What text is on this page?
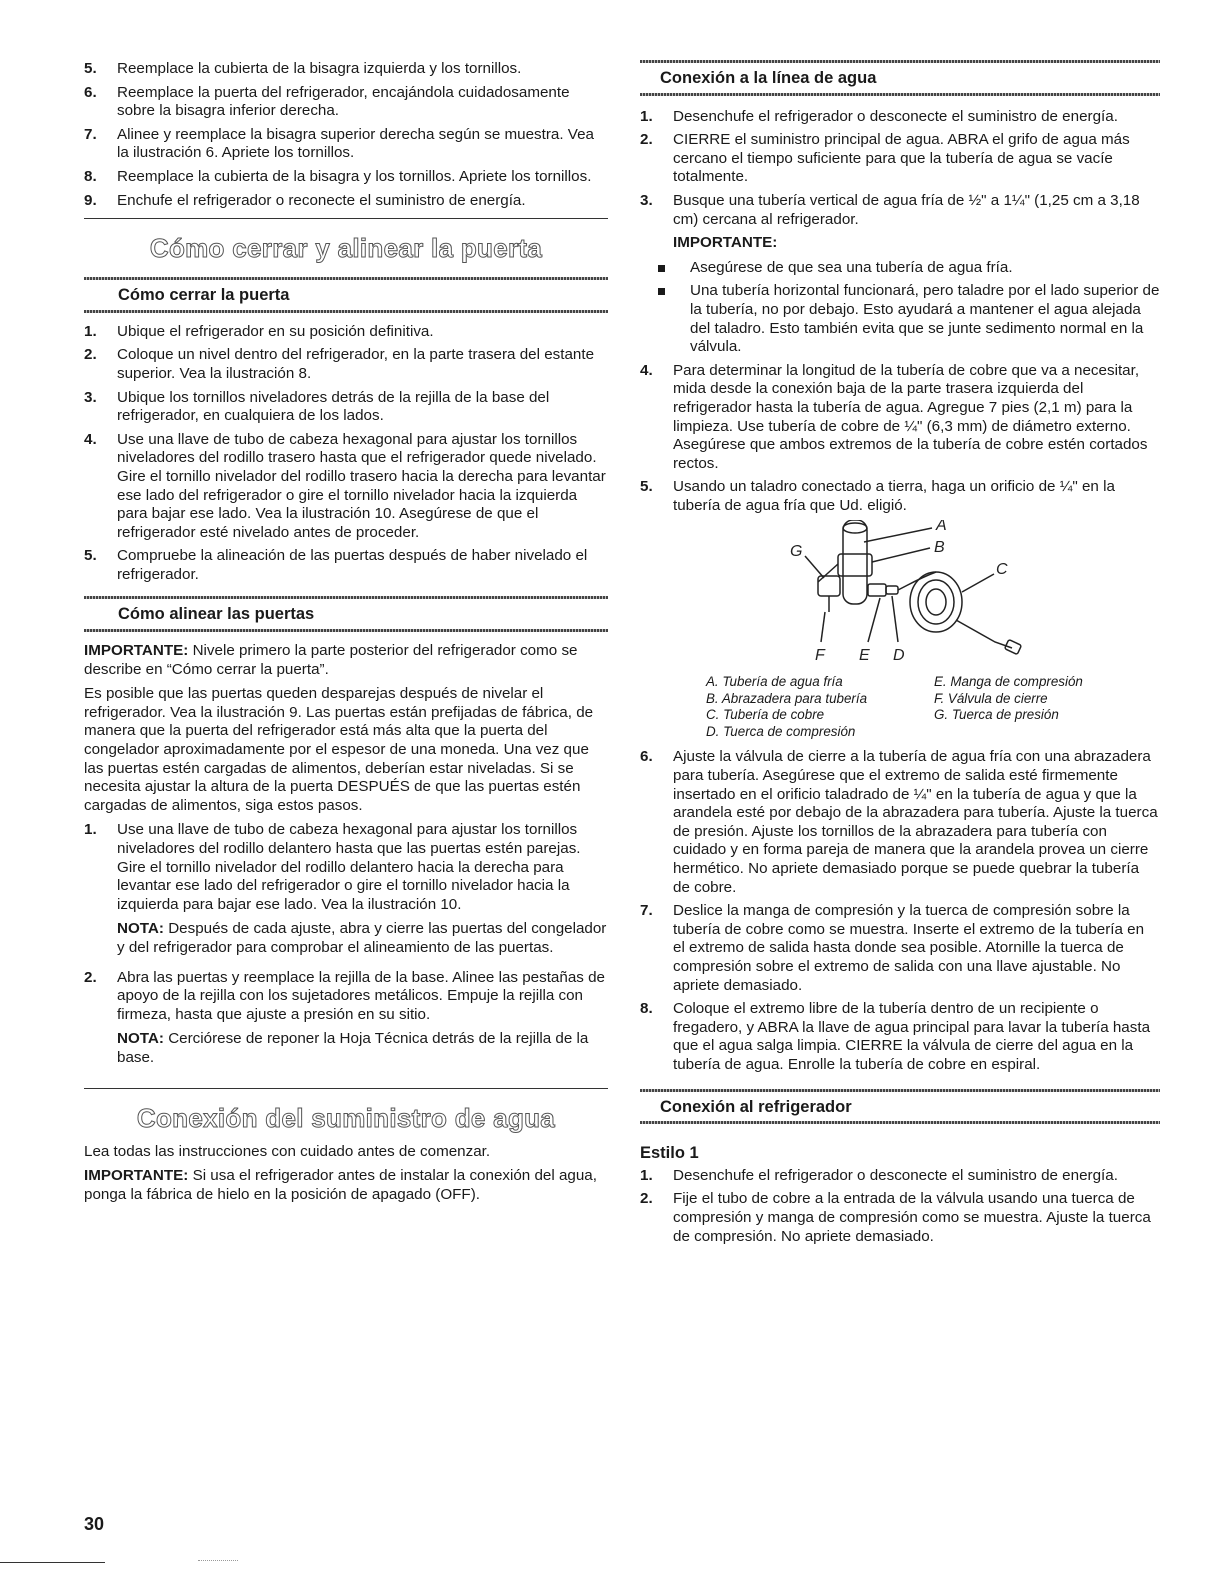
5.	Reemplace la cubierta de la bisagra izquierda y los tornillos.
6.	Reemplace la puerta del refrigerador, encajándola cuidadosamente sobre la bisagra inferior derecha.
7.	Alinee y reemplace la bisagra superior derecha según se muestra. Vea la ilustración 6. Apriete los tornillos.
8.	Reemplace la cubierta de la bisagra y los tornillos. Apriete los tornillos.
9.	Enchufe el refrigerador o reconecte el suministro de energía.
Cómo cerrar y alinear la puerta
Cómo cerrar la puerta
1.	Ubique el refrigerador en su posición definitiva.
2.	Coloque un nivel dentro del refrigerador, en la parte trasera del estante superior. Vea la ilustración 8.
3.	Ubique los tornillos niveladores detrás de la rejilla de la base del refrigerador, en cualquiera de los lados.
4.	Use una llave de tubo de cabeza hexagonal para ajustar los tornillos niveladores del rodillo trasero hasta que el refrigerador quede nivelado. Gire el tornillo nivelador del rodillo trasero hacia la derecha para levantar ese lado del refrigerador o gire el tornillo nivelador hacia la izquierda para bajar ese lado. Vea la ilustración 10. Asegúrese de que el refrigerador esté nivelado antes de proceder.
5.	Compruebe la alineación de las puertas después de haber nivelado el refrigerador.
Cómo alinear las puertas

IMPORTANTE: Nivele primero la parte posterior del refrigerador como se describe en “Cómo cerrar la puerta”.

Es posible que las puertas queden desparejas después de nivelar el refrigerador. Vea la ilustración 9. Las puertas están prefijadas de fábrica, de manera que la puerta del refrigerador está más alta que la puerta del congelador aproximadamente por el espesor de una moneda. Una vez que las puertas estén cargadas de alimentos, deberían estar niveladas. Si se necesita ajustar la altura de la puerta DESPUÉS de que las puertas estén cargadas de alimentos, siga estos pasos.

1.	Use una llave de tubo de cabeza hexagonal para ajustar los tornillos niveladores del rodillo delantero hasta que las puertas estén parejas. Gire el tornillo nivelador del rodillo delantero hacia la derecha para levantar ese lado del refrigerador o gire el tornillo nivelador hacia la izquierda para bajar ese lado. Vea la ilustración 10.
NOTA: Después de cada ajuste, abra y cierre las puertas del congelador y del refrigerador para comprobar el alineamiento de las puertas.
2.	Abra las puertas y reemplace la rejilla de la base. Alinee las pestañas de apoyo de la rejilla con los sujetadores metálicos. Empuje la rejilla con firmeza, hasta que ajuste a presión en su sitio.
NOTA: Cerciórese de reponer la Hoja Técnica detrás de la rejilla de la base.
Conexión del suministro de agua

Lea todas las instrucciones con cuidado antes de comenzar.

IMPORTANTE: Si usa el refrigerador antes de instalar la conexión del agua, ponga la fábrica de hielo en la posición de apagado (OFF).

Conexión a la línea de agua
1.	Desenchufe el refrigerador o desconecte el suministro de energía.
2.	CIERRE el suministro principal de agua. ABRA el grifo de agua más cercano el tiempo suficiente para que la tubería de agua se vacíe totalmente.
3.	Busque una tubería vertical de agua fría de ½" a 1¼" (1,25 cm a 3,18 cm) cercana al refrigerador.
IMPORTANTE:
Asegúrese de que sea una tubería de agua fría.
Una tubería horizontal funcionará, pero taladre por el lado superior de la tubería, no por debajo. Esto ayudará a mantener el agua alejada del taladro. Esto también evita que se junte sedimento normal en la válvula.
4.	Para determinar la longitud de la tubería de cobre que va a necesitar, mida desde la conexión baja de la parte trasera izquierda del refrigerador hasta la tubería de agua. Agregue 7 pies (2,1 m) para la limpieza. Use tubería de cobre de ¼" (6,3 mm) de diámetro externo. Asegúrese que ambos extremos de la tubería de cobre estén cortados rectos.
5.	Usando un taladro conectado a tierra, haga un orificio de ¼" en la tubería de agua fría que Ud. eligió.
A
B
C
G
F E D
A. Tubería de agua fría
B. Abrazadera para tubería
C. Tubería de cobre
D. Tuerca de compresión
E. Manga de compresión
F. Válvula de cierre
G. Tuerca de presión
6.	Ajuste la válvula de cierre a la tubería de agua fría con una abrazadera para tubería. Asegúrese que el extremo de salida esté firmemente insertado en el orificio taladrado de ¼" en la tubería de agua y que la arandela esté por debajo de la abrazadera para tubería. Ajuste la tuerca de presión. Ajuste los tornillos de la abrazadera para tubería con cuidado y en forma pareja de manera que la arandela provea un cierre hermético. No apriete demasiado porque se puede quebrar la tubería de cobre.
7.	Deslice la manga de compresión y la tuerca de compresión sobre la tubería de cobre como se muestra. Inserte el extremo de la tubería en el extremo de salida hasta donde sea posible. Atornille la tuerca de compresión sobre el extremo de salida con una llave ajustable. No apriete demasiado.
8.	Coloque el extremo libre de la tubería dentro de un recipiente o fregadero, y ABRA la llave de agua principal para lavar la tubería hasta que el agua salga limpia. CIERRE la válvula de cierre del agua en la tubería de agua. Enrolle la tubería de cobre en espiral.
Conexión al refrigerador
Estilo 1
1.	Desenchufe el refrigerador o desconecte el suministro de energía.
2.	Fije el tubo de cobre a la entrada de la válvula usando una tuerca de compresión y manga de compresión como se muestra. Ajuste la tuerca de compresión. No apriete demasiado.
30
